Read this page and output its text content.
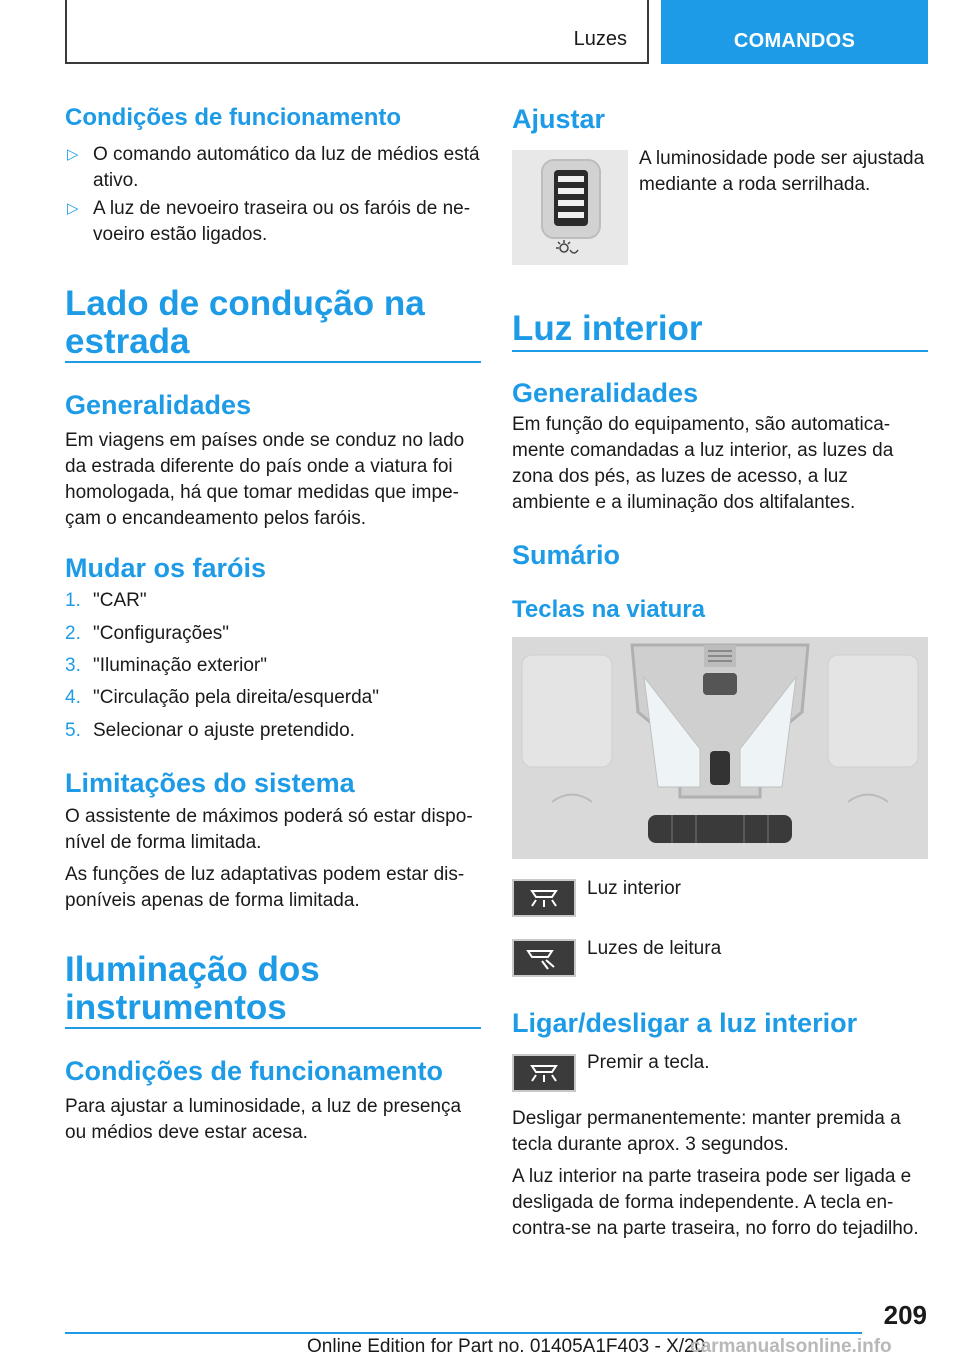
Luzes	COMANDOS
Condições de funcionamento
▷ O comando automático da luz de médios está ativo.
▷ A luz de nevoeiro traseira ou os faróis de nevoeiro estão ligados.
Lado de condução na
estrada
Generalidades
Em viagens em países onde se conduz no lado da estrada diferente do país onde a viatura foi homologada, há que tomar medidas que impeçam o encandeamento pelos faróis.
Mudar os faróis
1. "CAR"
2. "Configurações"
3. "Iluminação exterior"
4. "Circulação pela direita/esquerda"
5. Selecionar o ajuste pretendido.
Limitações do sistema
O assistente de máximos poderá só estar disponível de forma limitada.
As funções de luz adaptativas podem estar disponíveis apenas de forma limitada.
Iluminação dos
instrumentos
Condições de funcionamento
Para ajustar a luminosidade, a luz de presença ou médios deve estar acesa.
Ajustar
A luminosidade pode ser ajustada mediante a roda serrilhada.
Luz interior
Generalidades
Em função do equipamento, são automaticamente comandadas a luz interior, as luzes da zona dos pés, as luzes de acesso, a luz ambiente e a iluminação dos altifalantes.
Sumário
Teclas na viatura
Luz interior
Luzes de leitura
Ligar/desligar a luz interior
Premir a tecla.
Desligar permanentemente: manter premida a tecla durante aprox. 3 segundos.
A luz interior na parte traseira pode ser ligada e desligada de forma independente. A tecla encontra-se na parte traseira, no forro do tejadilho.
209
Online Edition for Part no. 01405A1F403 - X/20
carmanualsonline.info
